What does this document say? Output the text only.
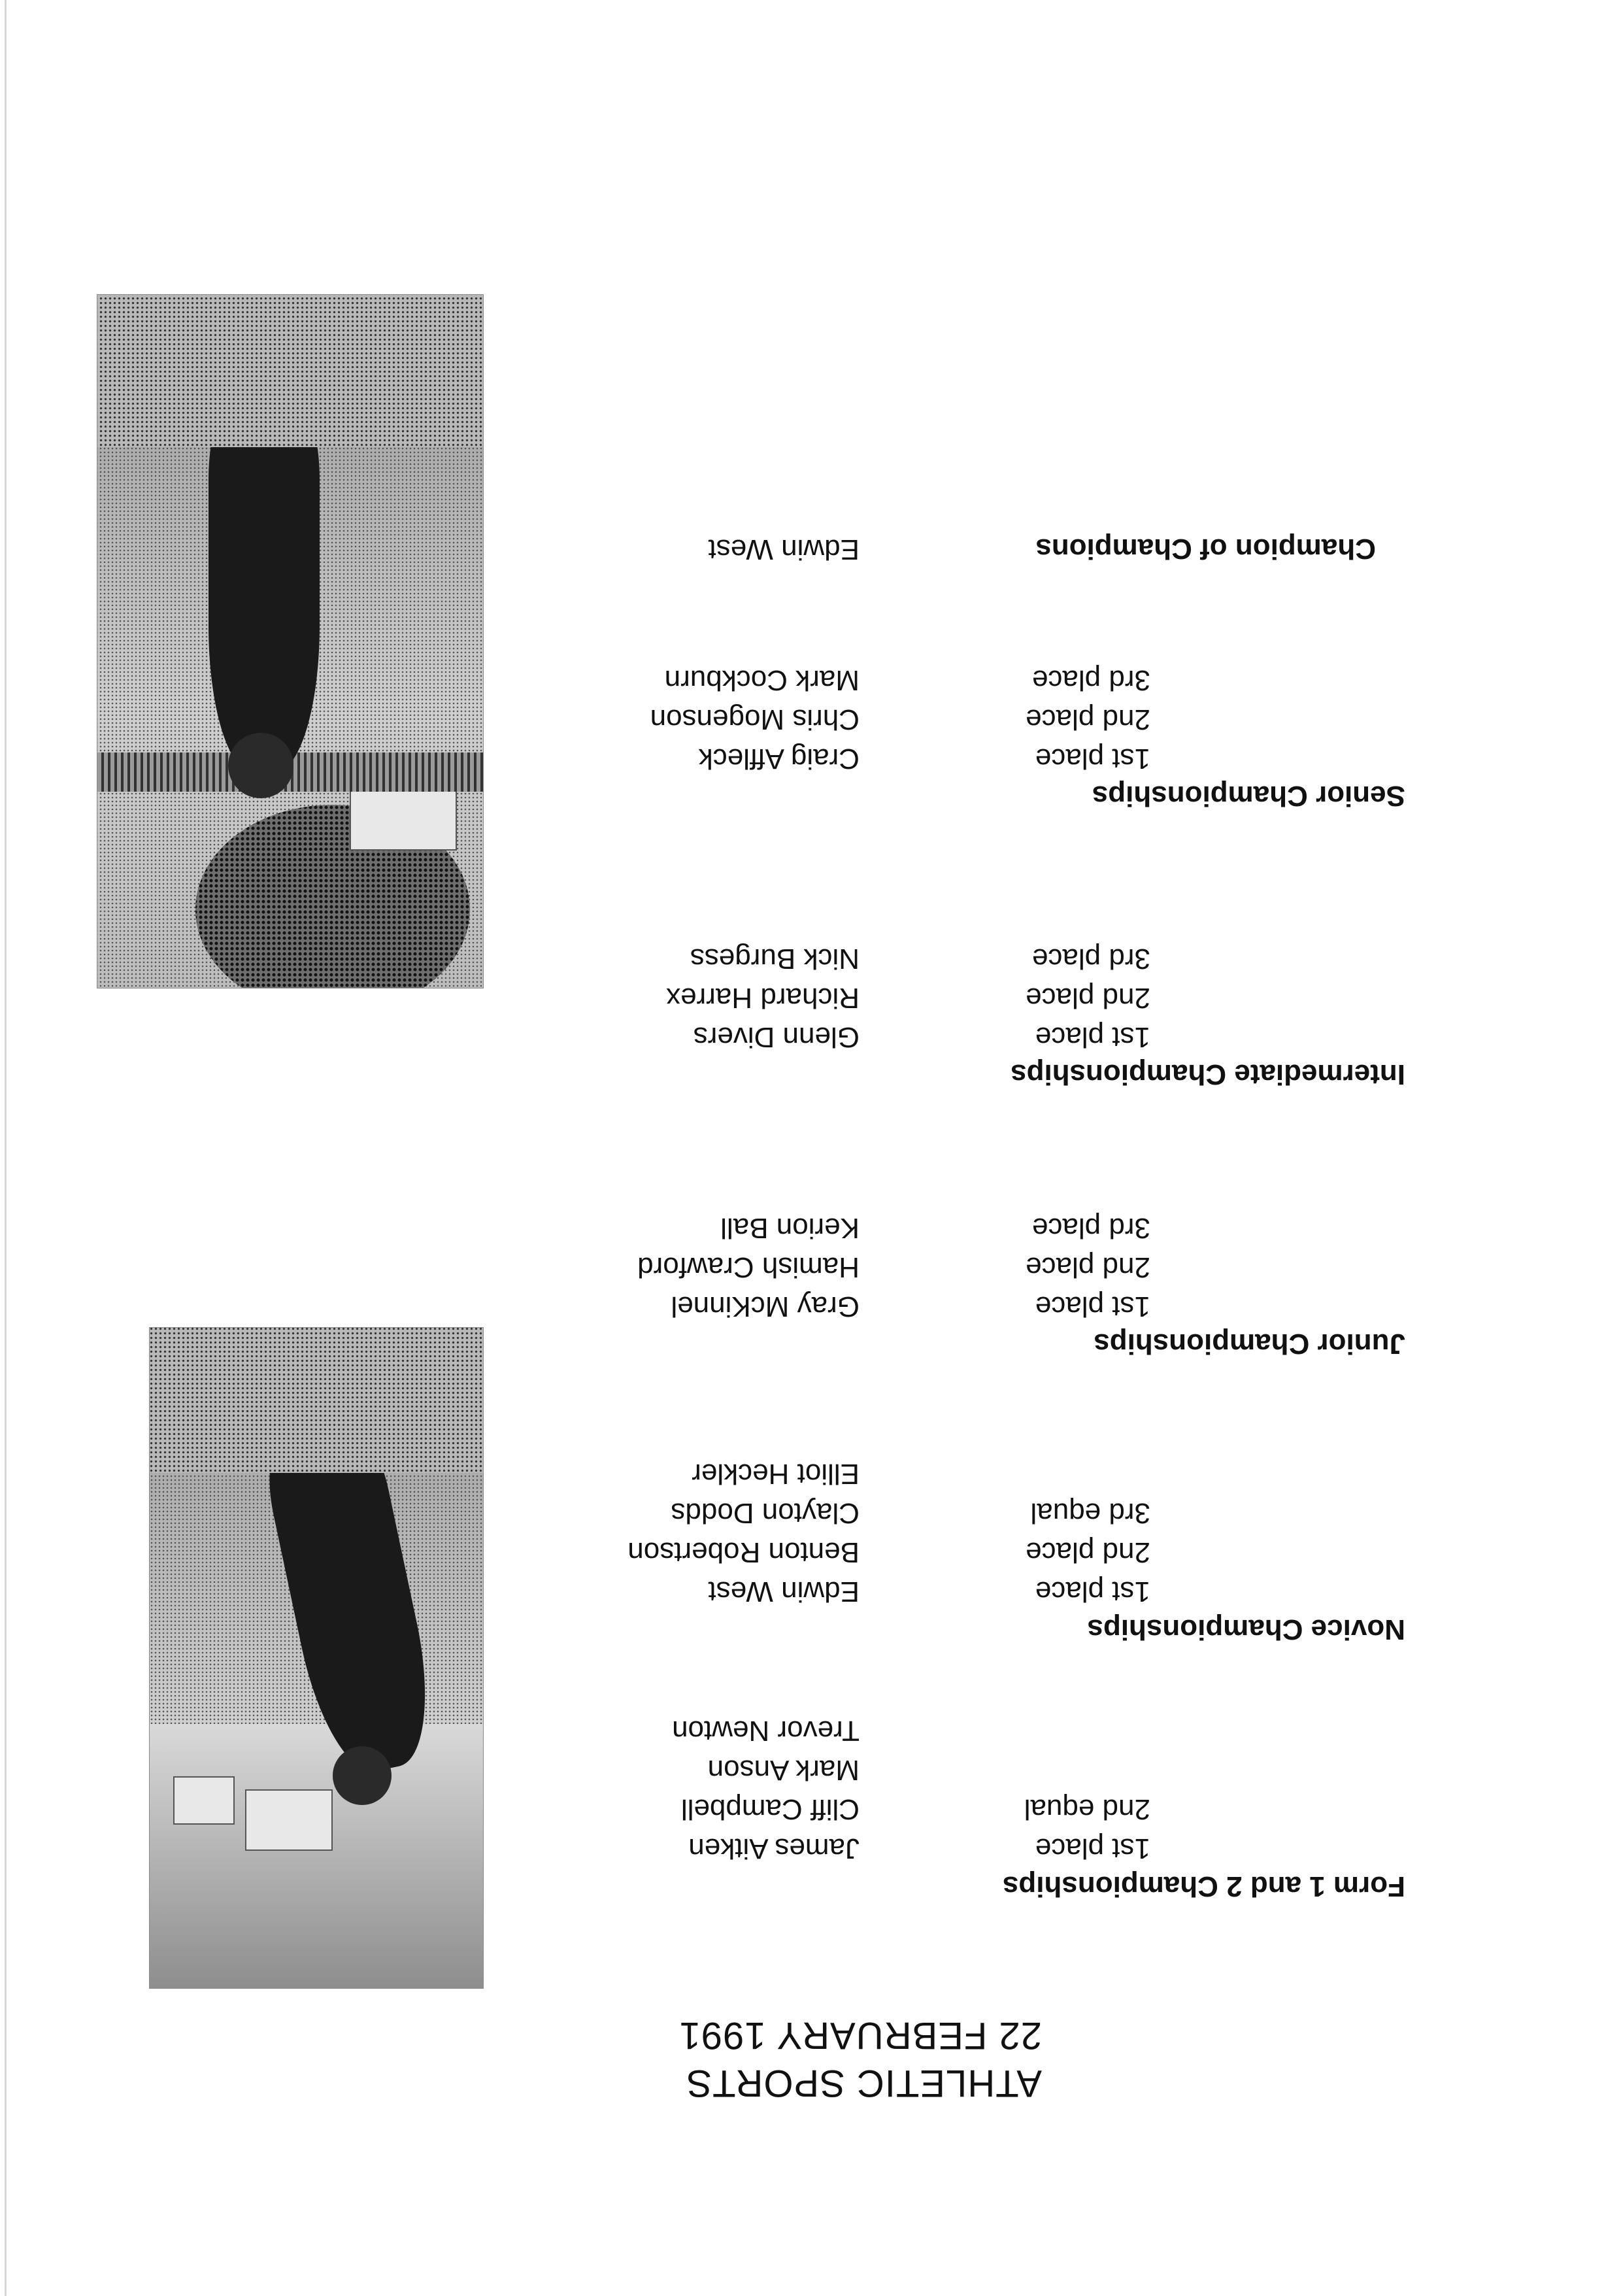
ATHLETIC SPORTS
22 FEBRUARY 1991
Form 1 and 2 Championships
1st place
2nd equal
James Aitken
Cliff Campbell
Mark Anson
Trevor Newton
Novice Championships
1st place
2nd place
3rd equal
Edwin West
Benton Robertson
Clayton Dodds
Elliot Heckler
Junior Championships
1st place
2nd place
3rd place
Gray McKinnel
Hamish Crawford
Kerion Ball
Intermediate Championships
1st place
2nd place
3rd place
Glenn Divers
Richard Harrex
Nick Burgess
Senior Championships
1st place
2nd place
3rd place
Craig Affleck
Chris Mogenson
Mark Cockburn
Champion of Champions
Edwin West
